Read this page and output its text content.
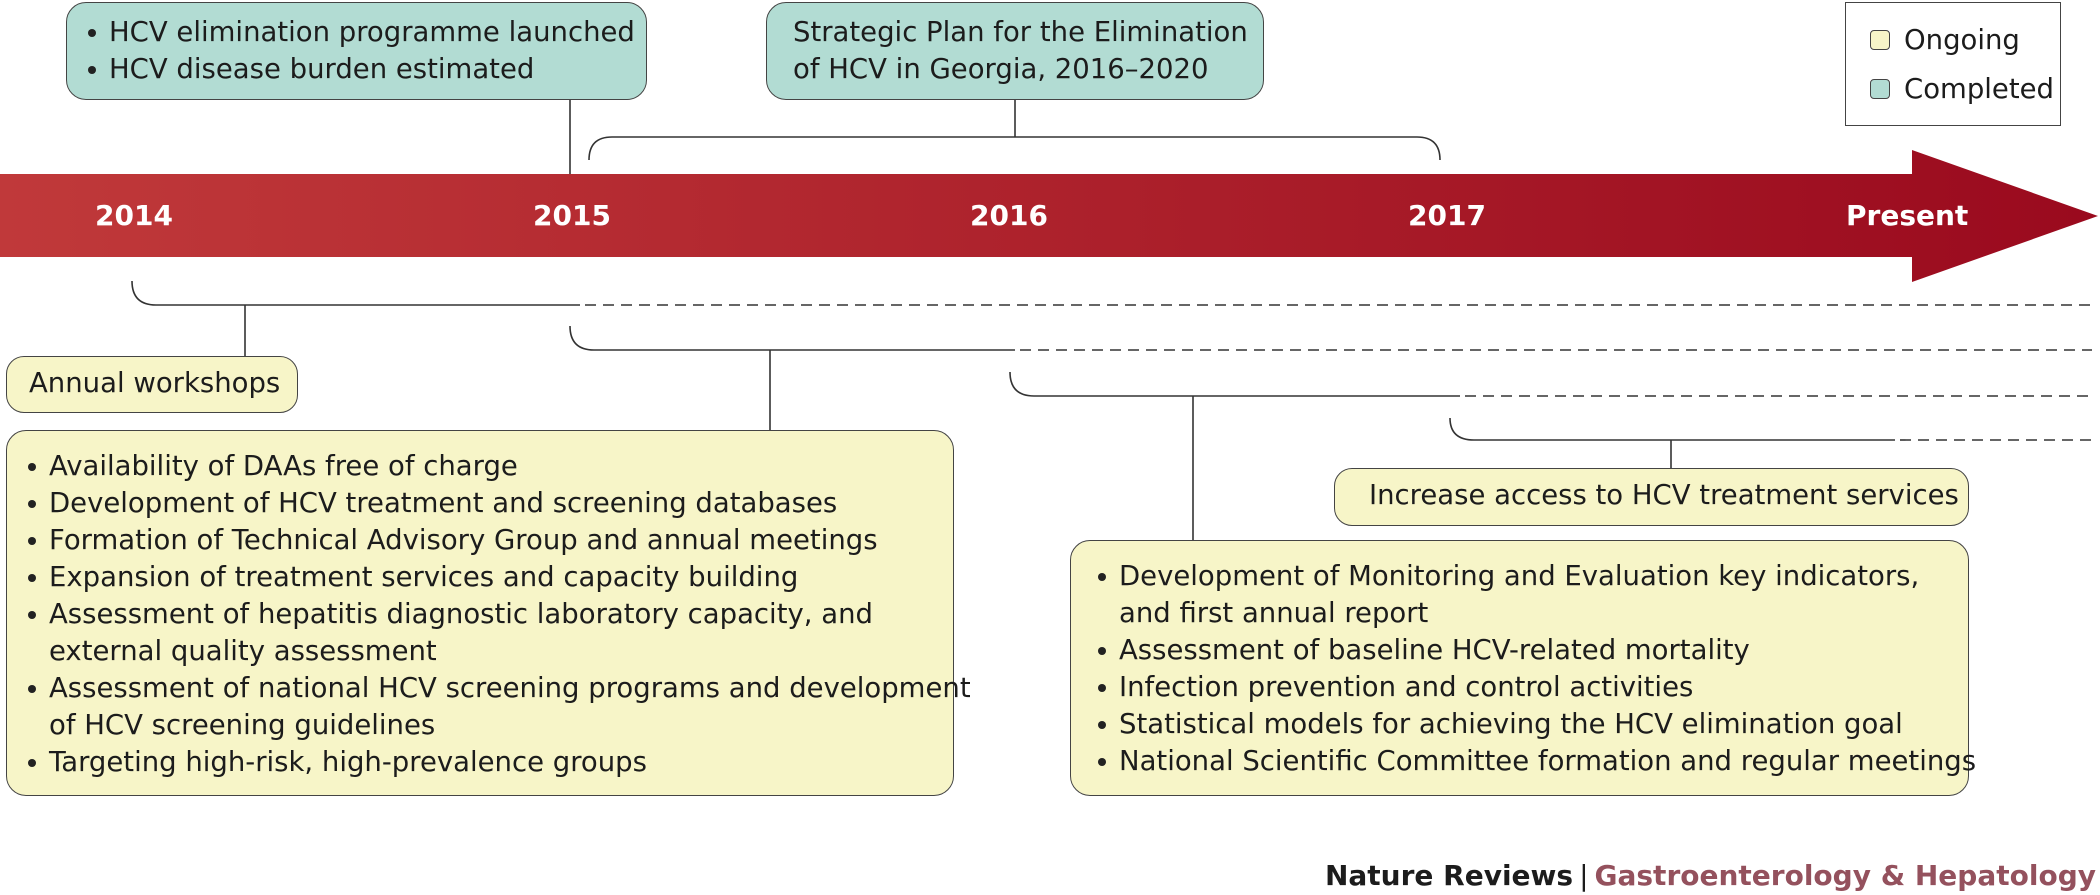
2014	2015	2016	2017	Present
HCV elimination programme launched
HCV disease burden estimated
Strategic Plan for the Elimination
of HCV in Georgia, 2016–2020
Ongoing
Completed
Annual workshops
Availability of DAAs free of charge
Development of HCV treatment and screening databases
Formation of Technical Advisory Group and annual meetings
Expansion of treatment services and capacity building
Assessment of hepatitis diagnostic laboratory capacity, and
external quality assessment
Assessment of national HCV screening programs and development
of HCV screening guidelines
Targeting high-risk, high-prevalence groups
Increase access to HCV treatment services
Development of Monitoring and Evaluation key indicators,
and first annual report
Assessment of baseline HCV-related mortality
Infection prevention and control activities
Statistical models for achieving the HCV elimination goal
National Scientific Committee formation and regular meetings
Nature Reviews | Gastroenterology & Hepatology
